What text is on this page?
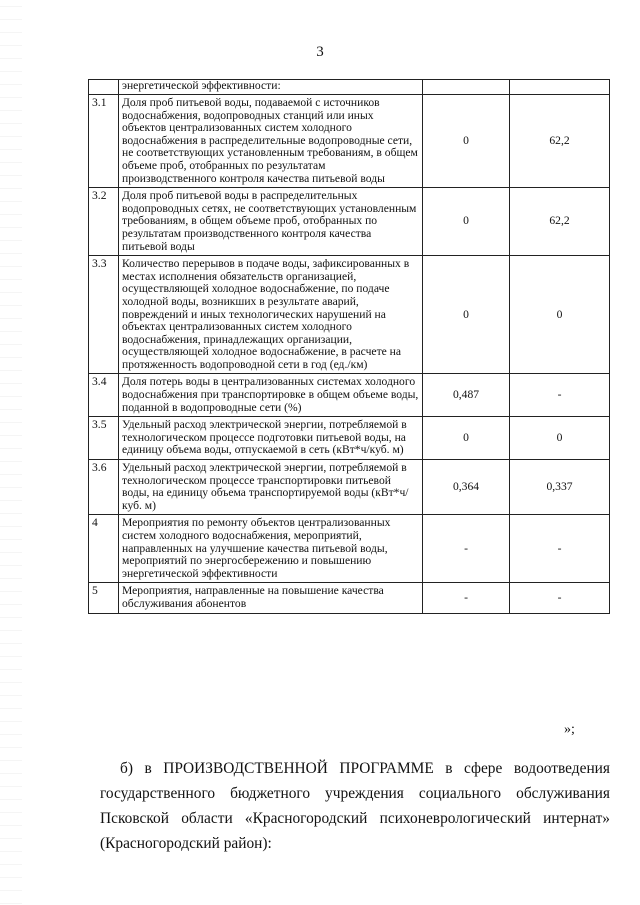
3
	энергетической эффективности:		
3.1	Доля проб питьевой воды, подаваемой с источников водоснабжения, водопроводных станций или иных объектов централизованных систем холодного водоснабжения в распределительные водопроводные сети, не соответствующих установленным требованиям, в общем объеме проб, отобранных по результатам производственного контроля качества питьевой воды	0	62,2
3.2	Доля проб питьевой воды в распределительных водопроводных сетях, не соответствующих установленным требованиям, в общем объеме проб, отобранных по результатам производственного контроля качества питьевой воды	0	62,2
3.3	Количество перерывов в подаче воды, зафиксированных в местах исполнения обязательств организацией, осуществляющей холодное водоснабжение, по подаче холодной воды, возникших в результате аварий, повреждений и иных технологических нарушений на объектах централизованных систем холодного водоснабжения, принадлежащих организации, осуществляющей холодное водоснабжение, в расчете на протяженность водопроводной сети в год (ед./км)	0	0
3.4	Доля потерь воды в централизованных системах холодного водоснабжения при транспортировке в общем объеме воды, поданной в водопроводные сети (%)	0,487	-
3.5	Удельный расход электрической энергии, потребляемой в технологическом процессе подготовки питьевой воды, на единицу объема воды, отпускаемой в сеть (кВт*ч/куб. м)	0	0
3.6	Удельный расход электрической энергии, потребляемой в технологическом процессе транспортировки питьевой воды, на единицу объема транспортируемой воды (кВт*ч/куб. м)	0,364	0,337
4	Мероприятия по ремонту объектов централизованных систем холодного водоснабжения, мероприятий, направленных на улучшение качества питьевой воды, мероприятий по энергосбережению и повышению энергетической эффективности	-	-
5	Мероприятия, направленные на повышение качества обслуживания абонентов	-	-
»;
б) в ПРОИЗВОДСТВЕННОЙ ПРОГРАММЕ в сфере водоотведения государственного бюджетного учреждения социального обслуживания Псковской области «Красногородский психоневрологический интернат» (Красногородский район):
